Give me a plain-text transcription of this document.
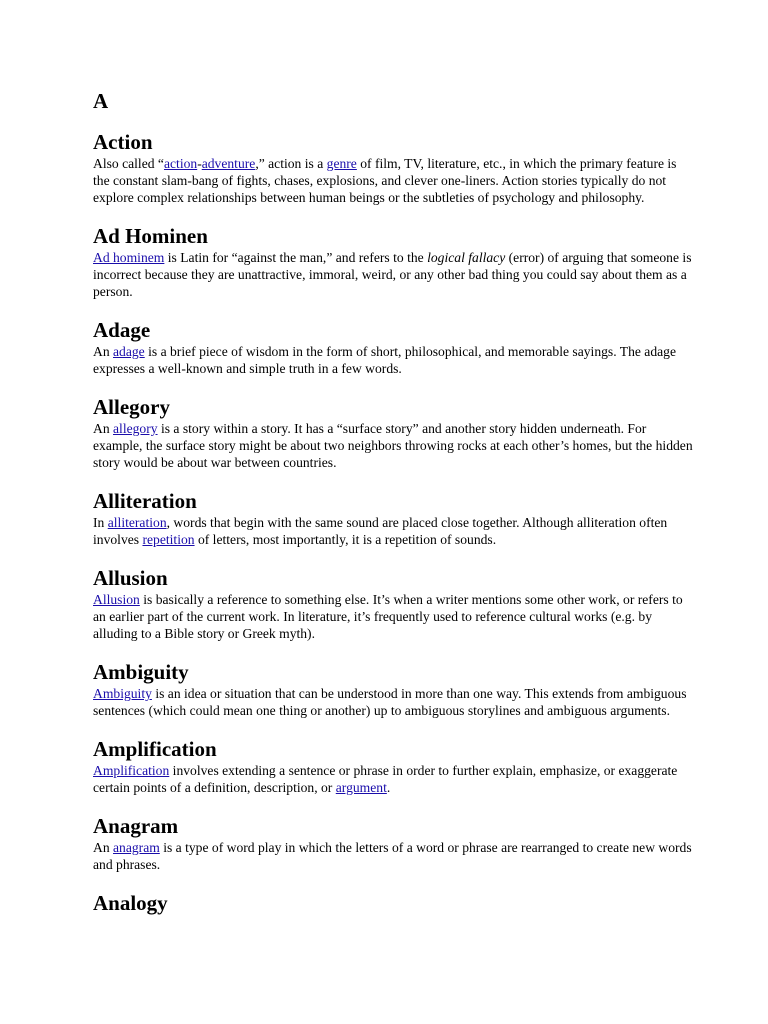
A
Action

Also called “action-adventure,” action is a genre of film, TV, literature, etc., in which the primary feature is the constant slam-bang of fights, chases, explosions, and clever one-liners. Action stories typically do not explore complex relationships between human beings or the subtleties of psychology and philosophy.

Ad Hominen

Ad hominem is Latin for “against the man,” and refers to the logical fallacy (error) of arguing that someone is incorrect because they are unattractive, immoral, weird, or any other bad thing you could say about them as a person.

Adage

An adage is a brief piece of wisdom in the form of short, philosophical, and memorable sayings. The adage expresses a well-known and simple truth in a few words.

Allegory

An allegory is a story within a story. It has a “surface story” and another story hidden underneath. For example, the surface story might be about two neighbors throwing rocks at each other’s homes, but the hidden story would be about war between countries.

Alliteration

In alliteration, words that begin with the same sound are placed close together. Although alliteration often involves repetition of letters, most importantly, it is a repetition of sounds.

Allusion

Allusion is basically a reference to something else. It’s when a writer mentions some other work, or refers to an earlier part of the current work. In literature, it’s frequently used to reference cultural works (e.g. by alluding to a Bible story or Greek myth).

Ambiguity

Ambiguity is an idea or situation that can be understood in more than one way. This extends from ambiguous sentences (which could mean one thing or another) up to ambiguous storylines and ambiguous arguments.

Amplification

Amplification involves extending a sentence or phrase in order to further explain, emphasize, or exaggerate certain points of a definition, description, or argument.

Anagram

An anagram is a type of word play in which the letters of a word or phrase are rearranged to create new words and phrases.

Analogy
